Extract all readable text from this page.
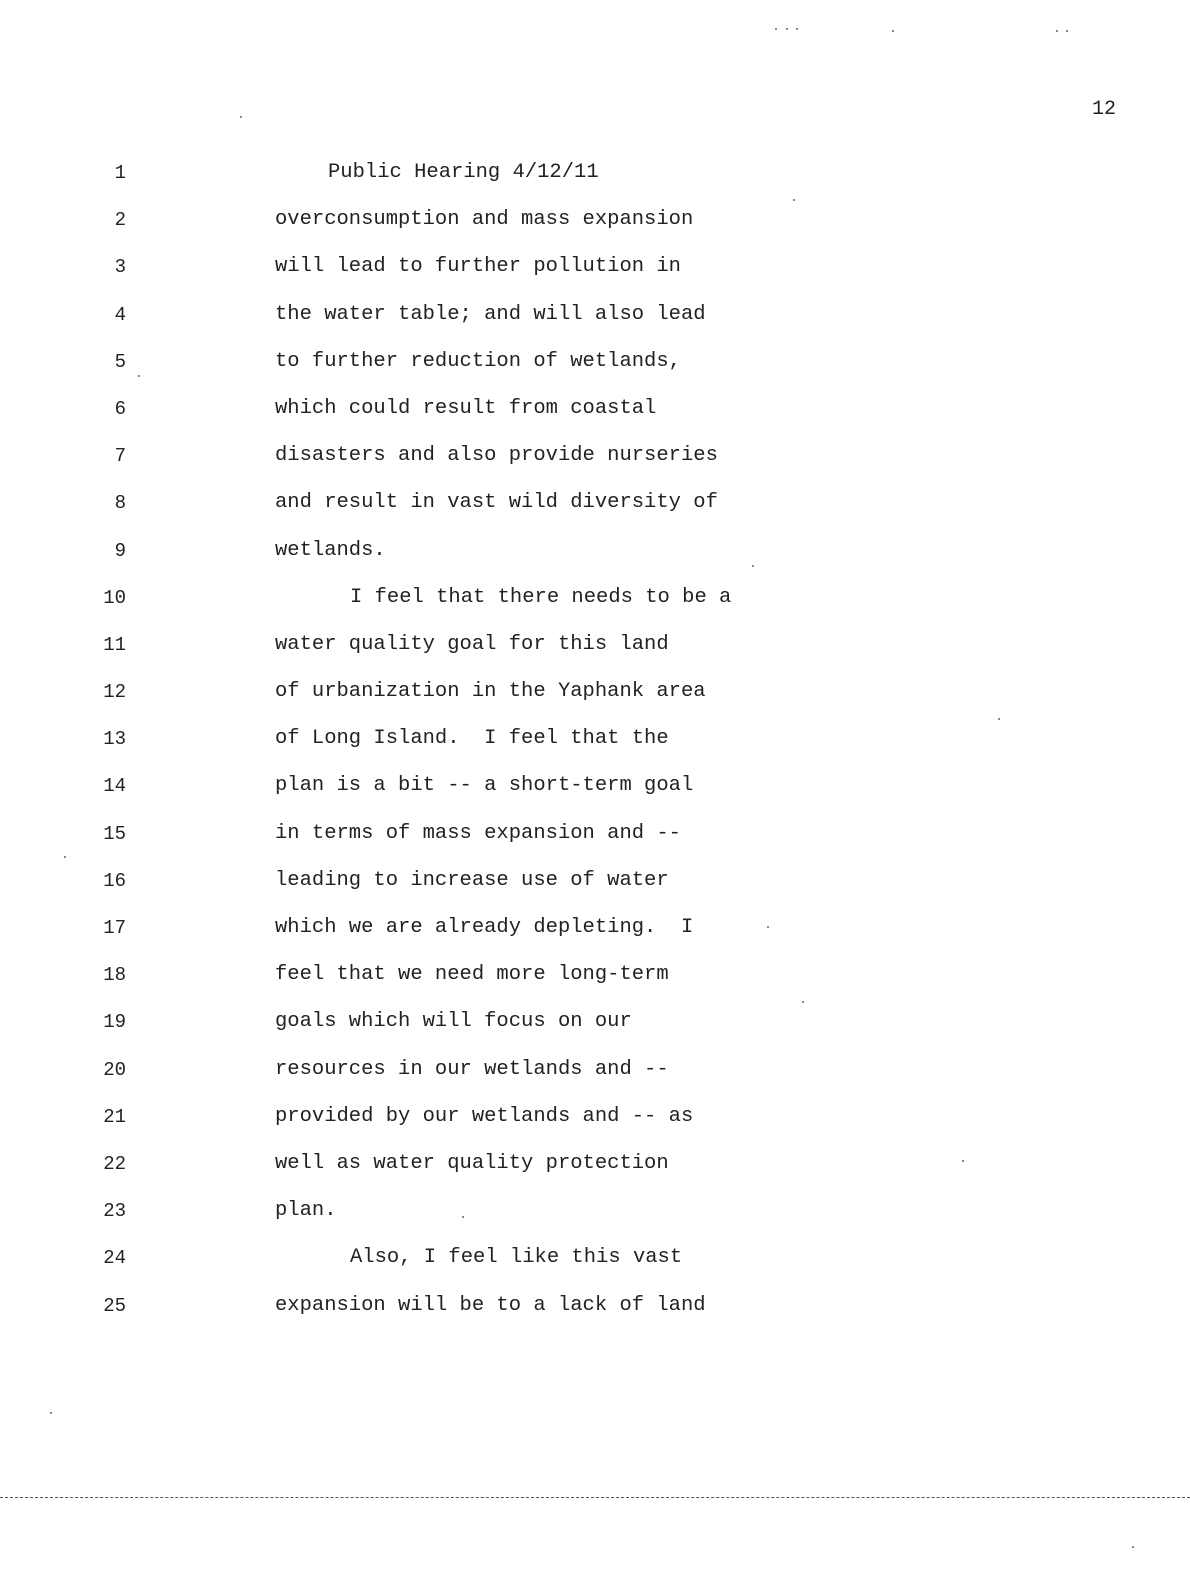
12
1	Public Hearing 4/12/11
2	overconsumption and mass expansion
3	will lead to further pollution in
4	the water table; and will also lead
5	to further reduction of wetlands,
6	which could result from coastal
7	disasters and also provide nurseries
8	and result in vast wild diversity of
9	wetlands.
10	I feel that there needs to be a
11	water quality goal for this land
12	of urbanization in the Yaphank area
13	of Long Island.  I feel that the
14	plan is a bit -- a short-term goal
15	in terms of mass expansion and --
16	leading to increase use of water
17	which we are already depleting.  I
18	feel that we need more long-term
19	goals which will focus on our
20	resources in our wetlands and --
21	provided by our wetlands and -- as
22	well as water quality protection
23	plan.
24	Also, I feel like this vast
25	expansion will be to a lack of land
